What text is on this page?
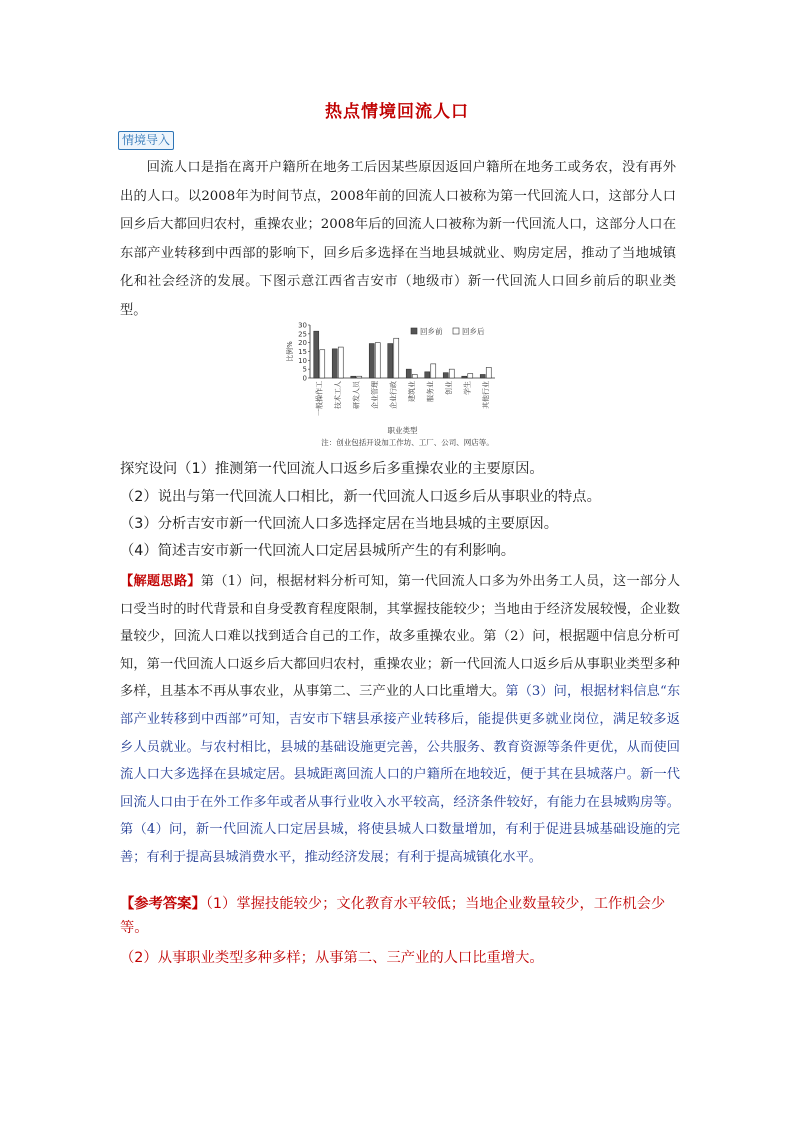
热点情境回流人口
情境导入

回流人口是指在离开户籍所在地务工后因某些原因返回户籍所在地务工或务农，没有再外出的人口。以2008年为时间节点，2008年前的回流人口被称为第一代回流人口，这部分人口回乡后大都回归农村，重操农业；2008年后的回流人口被称为新一代回流人口，这部分人口在东部产业转移到中西部的影响下，回乡后多选择在当地县城就业、购房定居，推动了当地城镇化和社会经济的发展。下图示意江西省吉安市（地级市）新一代回流人口回乡前后的职业类型。

30
25
20
15
10
5
0
比例%
一般操作工 技术工人 研发人员 企业管理 企业行政 建筑业 服务业 创业 学生 其他行业
回乡前	回乡后
职业类型
注：创业包括开设加工作坊、工厂、公司、网店等。
探究设问（1）推测第一代回流人口返乡后多重操农业的主要原因。
（2）说出与第一代回流人口相比，新一代回流人口返乡后从事职业的特点。
（3）分析吉安市新一代回流人口多选择定居在当地县城的主要原因。
（4）简述吉安市新一代回流人口定居县城所产生的有利影响。

【解题思路】第（1）问，根据材料分析可知，第一代回流人口多为外出务工人员，这一部分人口受当时的时代背景和自身受教育程度限制，其掌握技能较少；当地由于经济发展较慢，企业数量较少，回流人口难以找到适合自己的工作，故多重操农业。第（2）问，根据题中信息分析可知，第一代回流人口返乡后大都回归农村，重操农业；新一代回流人口返乡后从事职业类型多种多样，且基本不再从事农业，从事第二、三产业的人口比重增大。第（3）问，根据材料信息“东部产业转移到中西部”可知，吉安市下辖县承接产业转移后，能提供更多就业岗位，满足较多返乡人员就业。与农村相比，县城的基础设施更完善，公共服务、教育资源等条件更优，从而使回流人口大多选择在县城定居。县城距离回流人口的户籍所在地较近，便于其在县城落户。新一代回流人口由于在外工作多年或者从事行业收入水平较高，经济条件较好，有能力在县城购房等。第（4）问，新一代回流人口定居县城，将使县城人口数量增加，有利于促进县城基础设施的完善；有利于提高县城消费水平，推动经济发展；有利于提高城镇化水平。

【参考答案】（1）掌握技能较少；文化教育水平较低；当地企业数量较少，工作机会少等。

（2）从事职业类型多种多样；从事第二、三产业的人口比重增大。
